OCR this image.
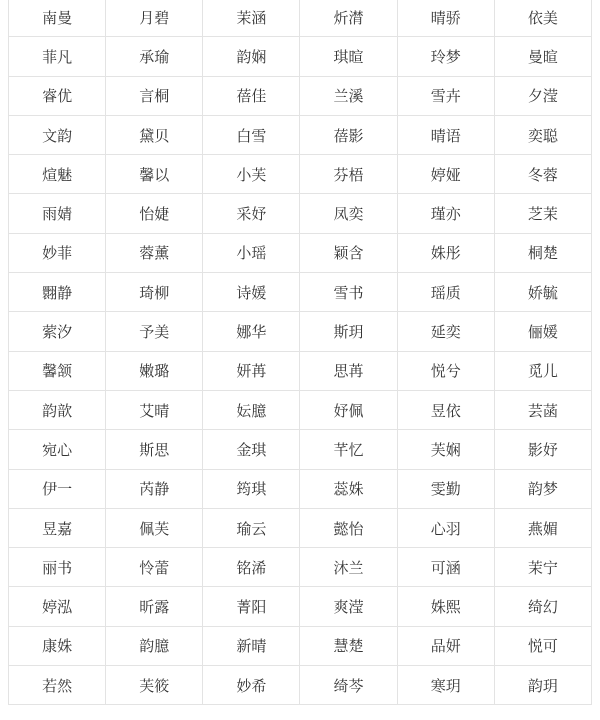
南曼	月碧	茉涵	炘潸	晴骄	依美
菲凡	承瑜	韵娴	琪暄	玲梦	曼暄
睿优	言桐	蓓佳	兰溪	雪卉	夕滢
文韵	黛贝	白雪	蓓影	晴语	奕聪
煊魅	馨以	小芙	芬梧	婷娅	冬蓉
雨婧	怡婕	采妤	凤奕	瑾亦	芝茉
妙菲	蓉薰	小瑶	颖含	姝彤	桐楚
翾静	琦柳	诗媛	雪书	瑶质	娇毓
萦汐	予美	娜华	斯玥	延奕	俪媛
馨颔	嫩璐	妍苒	思苒	悦兮	觅儿
韵歆	艾晴	妘臆	妤佩	昱依	芸菡
宛心	斯思	金琪	芊忆	芙娴	影妤
伊一	芮静	筠琪	蕊姝	雯勤	韵梦
昱嘉	佩芙	瑜云	懿怡	心羽	燕媚
丽书	怜蕾	铭浠	沐兰	可涵	茉宁
婷泓	昕露	菁阳	爽滢	姝熙	绮幻
康姝	韵臆	新晴	慧楚	品妍	悦可
若然	芙筱	妙希	绮芩	寒玥	韵玥
